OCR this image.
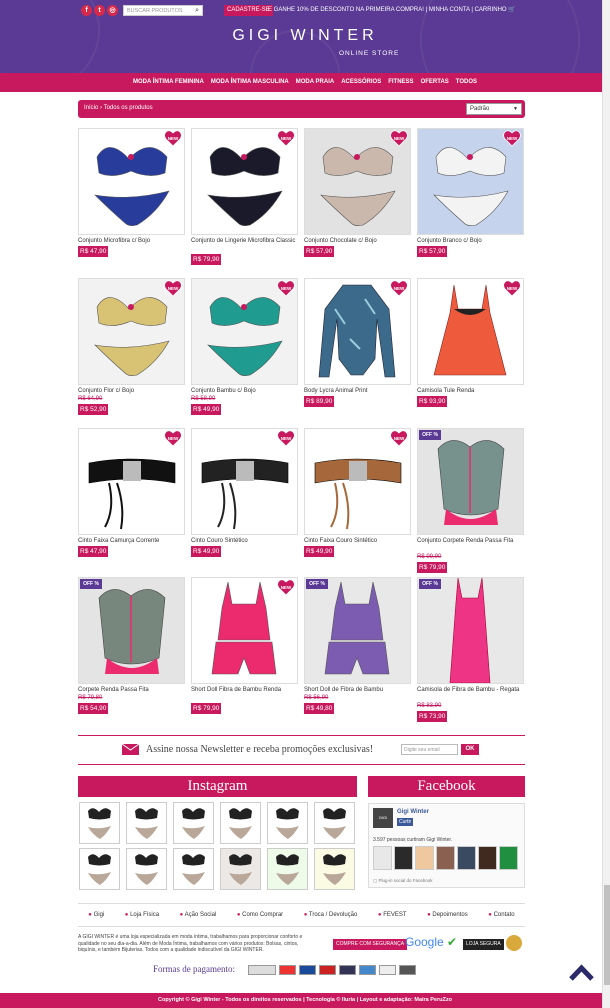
f	t	◎	BUSCAR PRODUTOS ⌕	CADASTRE-SE
E GANHE 10% DE DESCONTO NA PRIMEIRA COMPRA! | MINHA CONTA | CARRINHO 🛒
GIGI WINTER
ONLINE STORE
MODA ÍNTIMA FEMININA MODA ÍNTIMA MASCULINA MODA PRAIA ACESSÓRIOS FITNESS OFERTAS TODOS
Início › Todos os produtos	Padrão	▼
NEW
Conjunto Microfibra c/ Bojo
R$ 47,90
NEW
Conjunto de Lingerie Microfibra Classic
R$ 79,90
NEW
Conjunto Chocolate c/ Bojo
R$ 57,90
NEW
Conjunto Branco c/ Bojo
R$ 57,90
NEW
Conjunto Flor c/ Bojo
R$ 64,90
R$ 52,90
NEW
Conjunto Bambu c/ Bojo
R$ 58,90
R$ 49,90
NEW
Body Lycra Animal Print
R$ 89,90
NEW
Camisola Tule Renda
R$ 93,90
NEW
Cinto Faixa Camurça Corrente
R$ 47,90
NEW
Cinto Couro Sintético
R$ 49,90
NEW
Cinto Faixa Couro Sintético
R$ 49,90
OFF %
Conjunto Corpete Renda Passa Fita
R$ 99,90
R$ 79,90
OFF %
Corpete Renda Passa Fita
R$ 79,80
R$ 54,90
NEW
Short Doll Fibra de Bambu Renda
R$ 79,90
OFF %
Short Doll de Fibra de Bambu
R$ 56,90
R$ 49,80
OFF %
Camisola de Fibra de Bambu - Regata
R$ 83,90
R$ 73,90
Assine nossa Newsletter e receba promoções exclusivas!	Digite seu email	OK
Instagram	Facebook
GIGI
Gigi Winter
Curtir
3.597 pessoas curtiram Gigi Winter.
▢ Plug-in social do Facebook
● Gigi	● Loja Física	● Ação Social	● Como Comprar	● Troca / Devolução	● FEVEST	● Depoimentos	● Contato
A GIGI WINTER é uma loja especializada em moda íntima, trabalhamos para proporcionar conforto e qualidade no seu dia-a-dia. Além de Moda Íntima, trabalhamos com vários produtos: Bolsas, cintos, biquínis, e também Bijuterias. Todos com a qualidade indiscutível da GIGI WINTER.
COMPRE COM SEGURANÇA Google ✔	LOJA SEGURA
Formas de pagamento:
Copyright © Gigi Winter - Todos os direitos reservados | Tecnologia © Iluria | Layout e adaptação: Maíra PeruZzo
